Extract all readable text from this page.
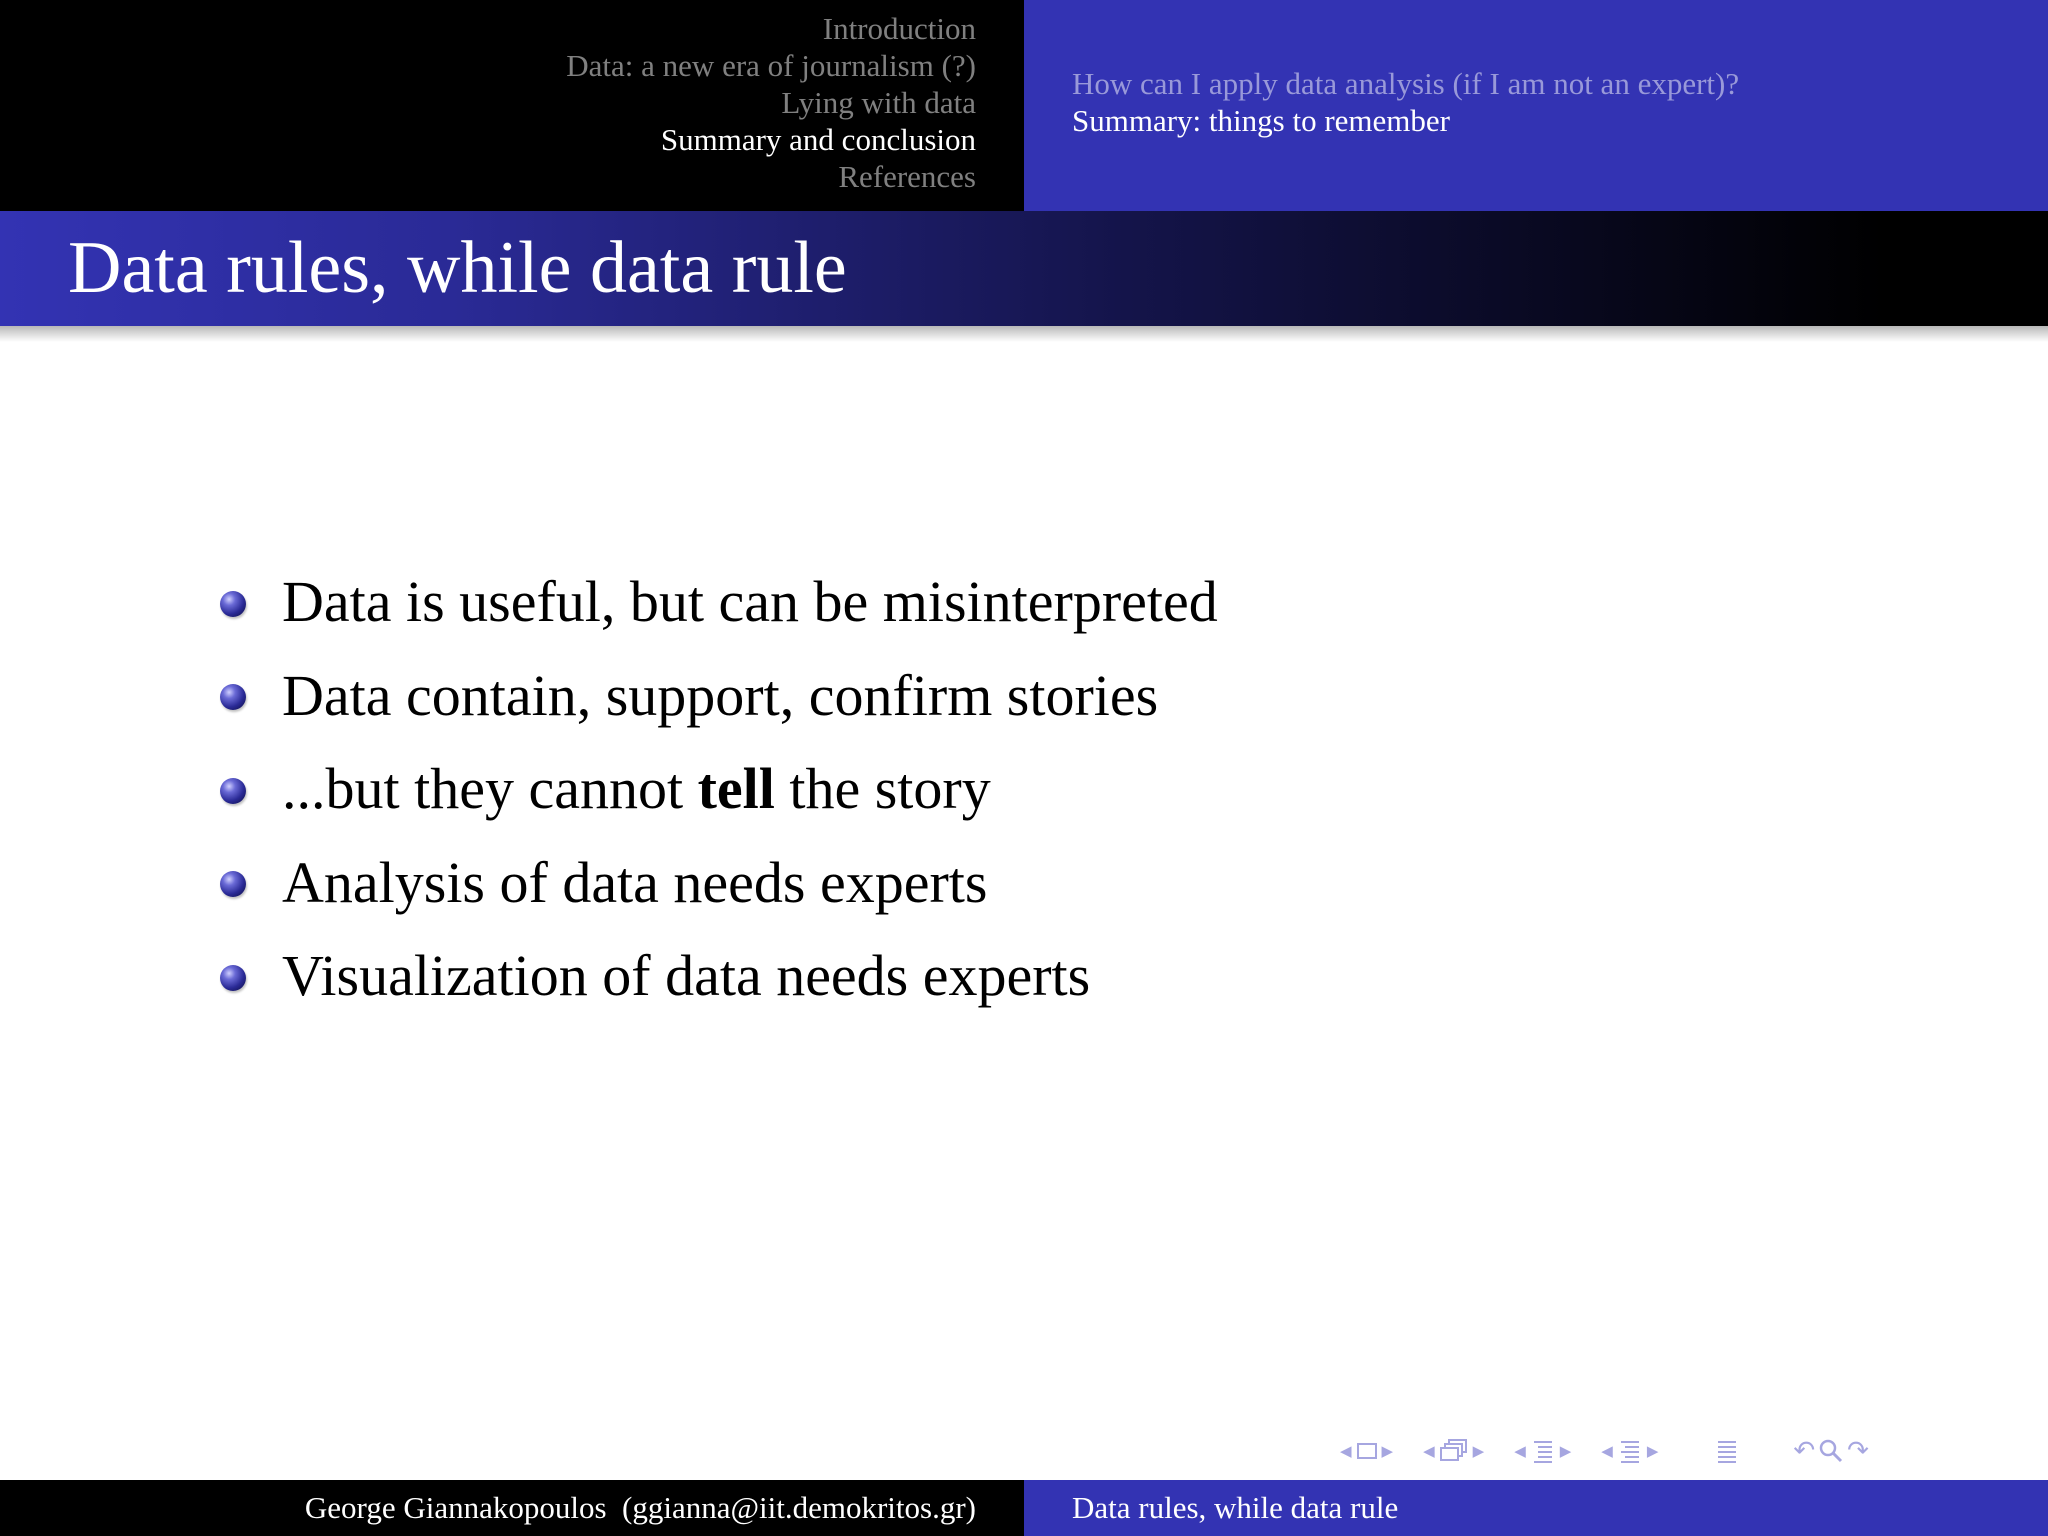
Introduction
Data: a new era of journalism (?)
Lying with data
Summary and conclusion
References
How can I apply data analysis (if I am not an expert)?
Summary: things to remember
Data rules, while data rule
Data is useful, but can be misinterpreted
Data contain, support, confirm stories
...but they cannot tell the story
Analysis of data needs experts
Visualization of data needs experts
◀ ▶ ◀	▶ ◀ ▶ ◀ ▶	↶ ↷
George Giannakopoulos  (ggianna@iit.demokritos.gr)	Data rules, while data rule
